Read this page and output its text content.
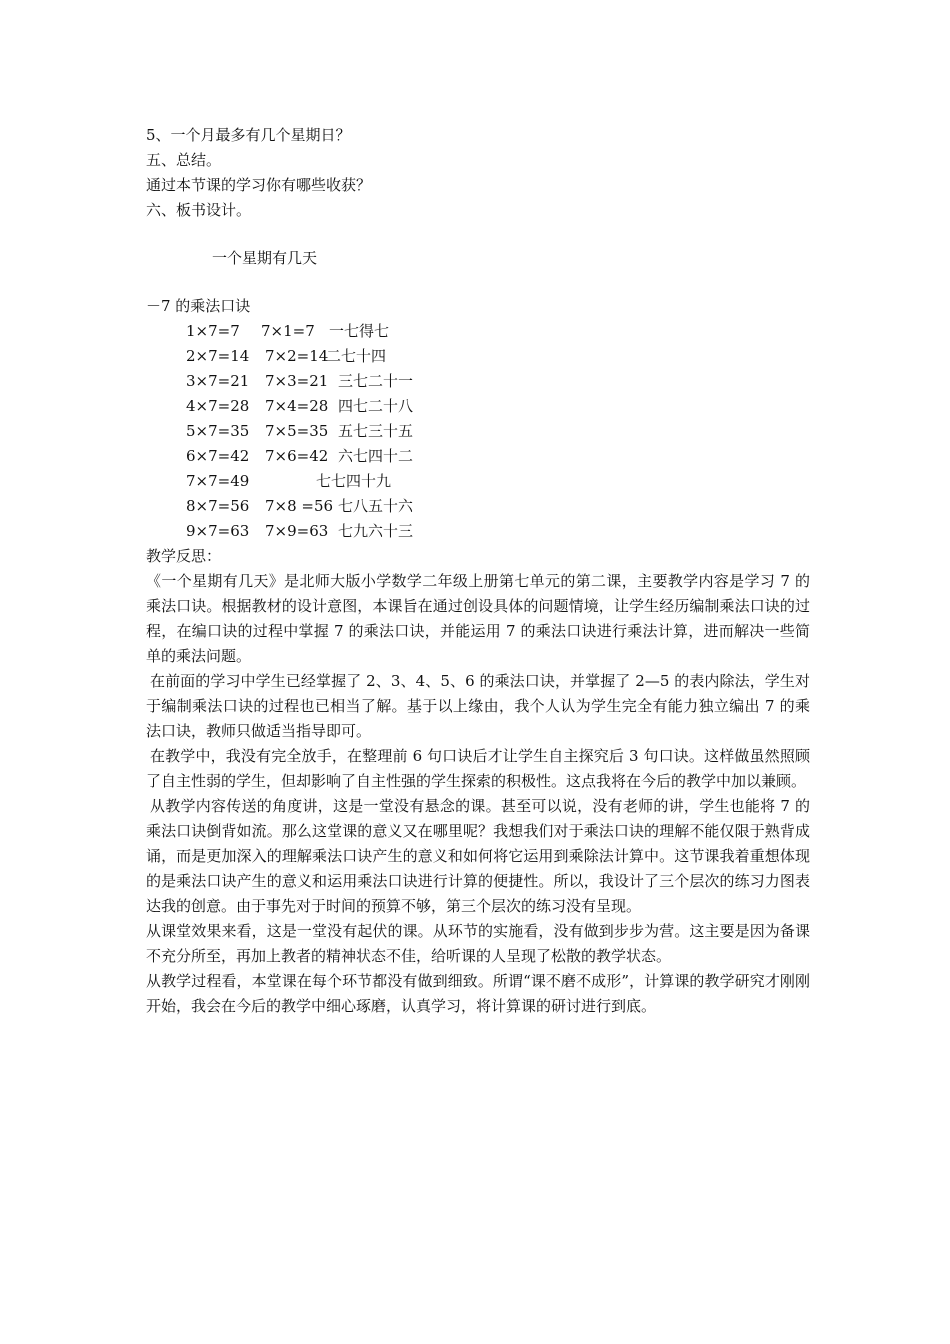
5、一个月最多有几个星期日？
五、总结。
通过本节课的学习你有哪些收获？
六、板书设计。
一个星期有几天
－7 的乘法口诀
1×7=7 7×1=7 一七得七
2×7=14 7×2=14
二七十四
3×7=21 7×3=21 三七二十一
4×7=28 7×4=28 四七二十八
5×7=35 7×5=35 五七三十五
6×7=42 7×6=42 六七四十二
7×7=49	七七四十九
8×7=56 7×8 =56 七八五十六
9×7=63 7×9=63 七九六十三
教学反思：

《一个星期有几天》是北师大版小学数学二年级上册第七单元的第二课，主要教学内容是学习 7 的乘法口诀。根据教材的设计意图，本课旨在通过创设具体的问题情境，让学生经历编制乘法口诀的过程，在编口诀的过程中掌握 7 的乘法口诀，并能运用 7 的乘法口诀进行乘法计算，进而解决一些简单的乘法问题。

在前面的学习中学生已经掌握了 2、3、4、5、6 的乘法口诀，并掌握了 2—5 的表内除法，学生对于编制乘法口诀的过程也已相当了解。基于以上缘由，我个人认为学生完全有能力独立编出 7 的乘法口诀，教师只做适当指导即可。

在教学中，我没有完全放手，在整理前 6 句口诀后才让学生自主探究后 3 句口诀。这样做虽然照顾了自主性弱的学生，但却影响了自主性强的学生探索的积极性。这点我将在今后的教学中加以兼顾。

从教学内容传送的角度讲，这是一堂没有悬念的课。甚至可以说，没有老师的讲，学生也能将 7 的乘法口诀倒背如流。那么这堂课的意义又在哪里呢？我想我们对于乘法口诀的理解不能仅限于熟背成诵，而是更加深入的理解乘法口诀产生的意义和如何将它运用到乘除法计算中。这节课我着重想体现的是乘法口诀产生的意义和运用乘法口诀进行计算的便捷性。所以，我设计了三个层次的练习力图表达我的创意。由于事先对于时间的预算不够，第三个层次的练习没有呈现。

从课堂效果来看，这是一堂没有起伏的课。从环节的实施看，没有做到步步为营。这主要是因为备课不充分所至，再加上教者的精神状态不佳，给听课的人呈现了松散的教学状态。

从教学过程看，本堂课在每个环节都没有做到细致。所谓“课不磨不成形”，计算课的教学研究才刚刚开始，我会在今后的教学中细心琢磨，认真学习，将计算课的研讨进行到底。
